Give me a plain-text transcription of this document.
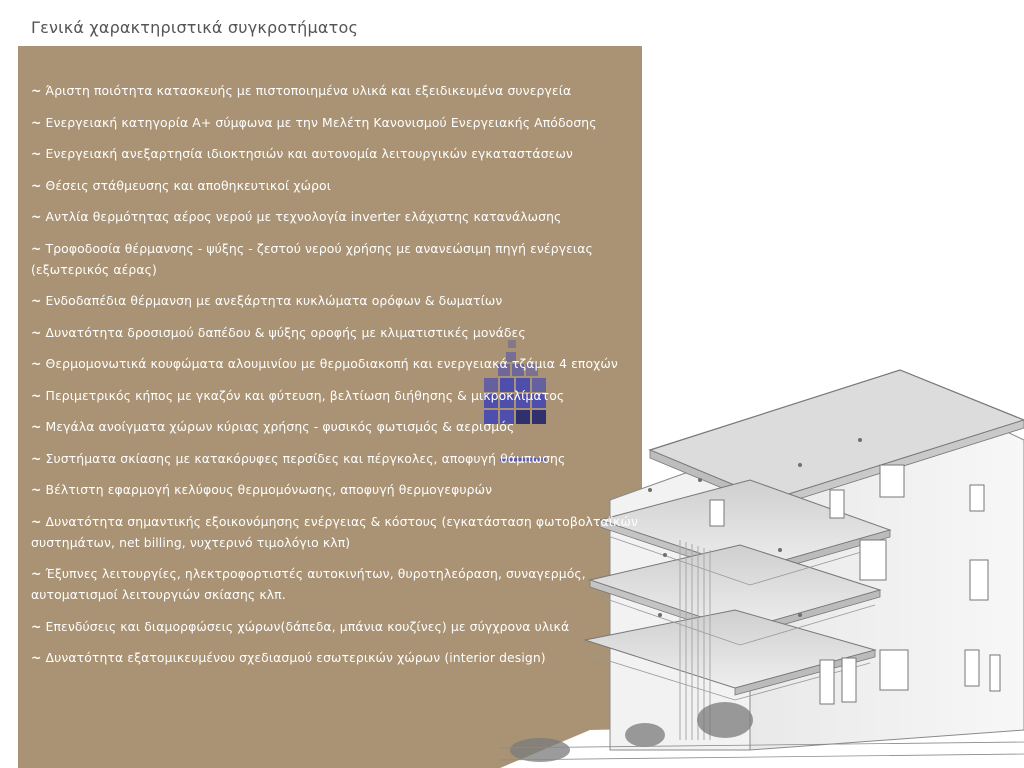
Γενικά χαρακτηριστικά συγκροτήματος
~ Άριστη ποιότητα κατασκευής με πιστοποιημένα υλικά και εξειδικευμένα συνεργεία
~ Ενεργειακή κατηγορία A+ σύμφωνα με την Μελέτη Κανονισμού Ενεργειακής Απόδοσης
~ Ενεργειακή ανεξαρτησία ιδιοκτησιών και αυτονομία λειτουργικών εγκαταστάσεων
~ Θέσεις στάθμευσης και αποθηκευτικοί χώροι
~ Αντλία θερμότητας αέρος νερού με τεχνολογία inverter ελάχιστης κατανάλωσης
~ Τροφοδοσία θέρμανσης - ψύξης - ζεστού νερού χρήσης με ανανεώσιμη πηγή ενέργειας (εξωτερικός αέρας)
~ Ενδοδαπέδια θέρμανση με ανεξάρτητα κυκλώματα ορόφων & δωματίων
~ Δυνατότητα δροσισμού δαπέδου & ψύξης οροφής με κλιματιστικές μονάδες
~ Θερμομονωτικά κουφώματα αλουμινίου με θερμοδιακοπή και ενεργειακά τζάμια 4 εποχών
~ Περιμετρικός κήπος με γκαζόν και φύτευση, βελτίωση διήθησης & μικροκλίματος
~ Μεγάλα ανοίγματα χώρων κύριας χρήσης - φυσικός φωτισμός & αερισμός
~ Συστήματα σκίασης με κατακόρυφες περσίδες και πέργκολες, αποφυγή θάμπωσης
~ Βέλτιστη εφαρμογή κελύφους θερμομόνωσης, αποφυγή θερμογεφυρών
~ Δυνατότητα σημαντικής εξοικονόμησης ενέργειας & κόστους (εγκατάσταση φωτοβολταϊκών συστημάτων, net billing, νυχτερινό τιμολόγιο κλπ)
~ Έξυπνες λειτουργίες, ηλεκτροφορτιστές αυτοκινήτων, θυροτηλεόραση, συναγερμός, αυτοματισμοί λειτουργιών σκίασης κλπ.
~ Επενδύσεις και διαμορφώσεις χώρων(δάπεδα, μπάνια κουζίνες) με σύγχρονα υλικά
~ Δυνατότητα εξατομικευμένου σχεδιασμού εσωτερικών χώρων (interior design)
